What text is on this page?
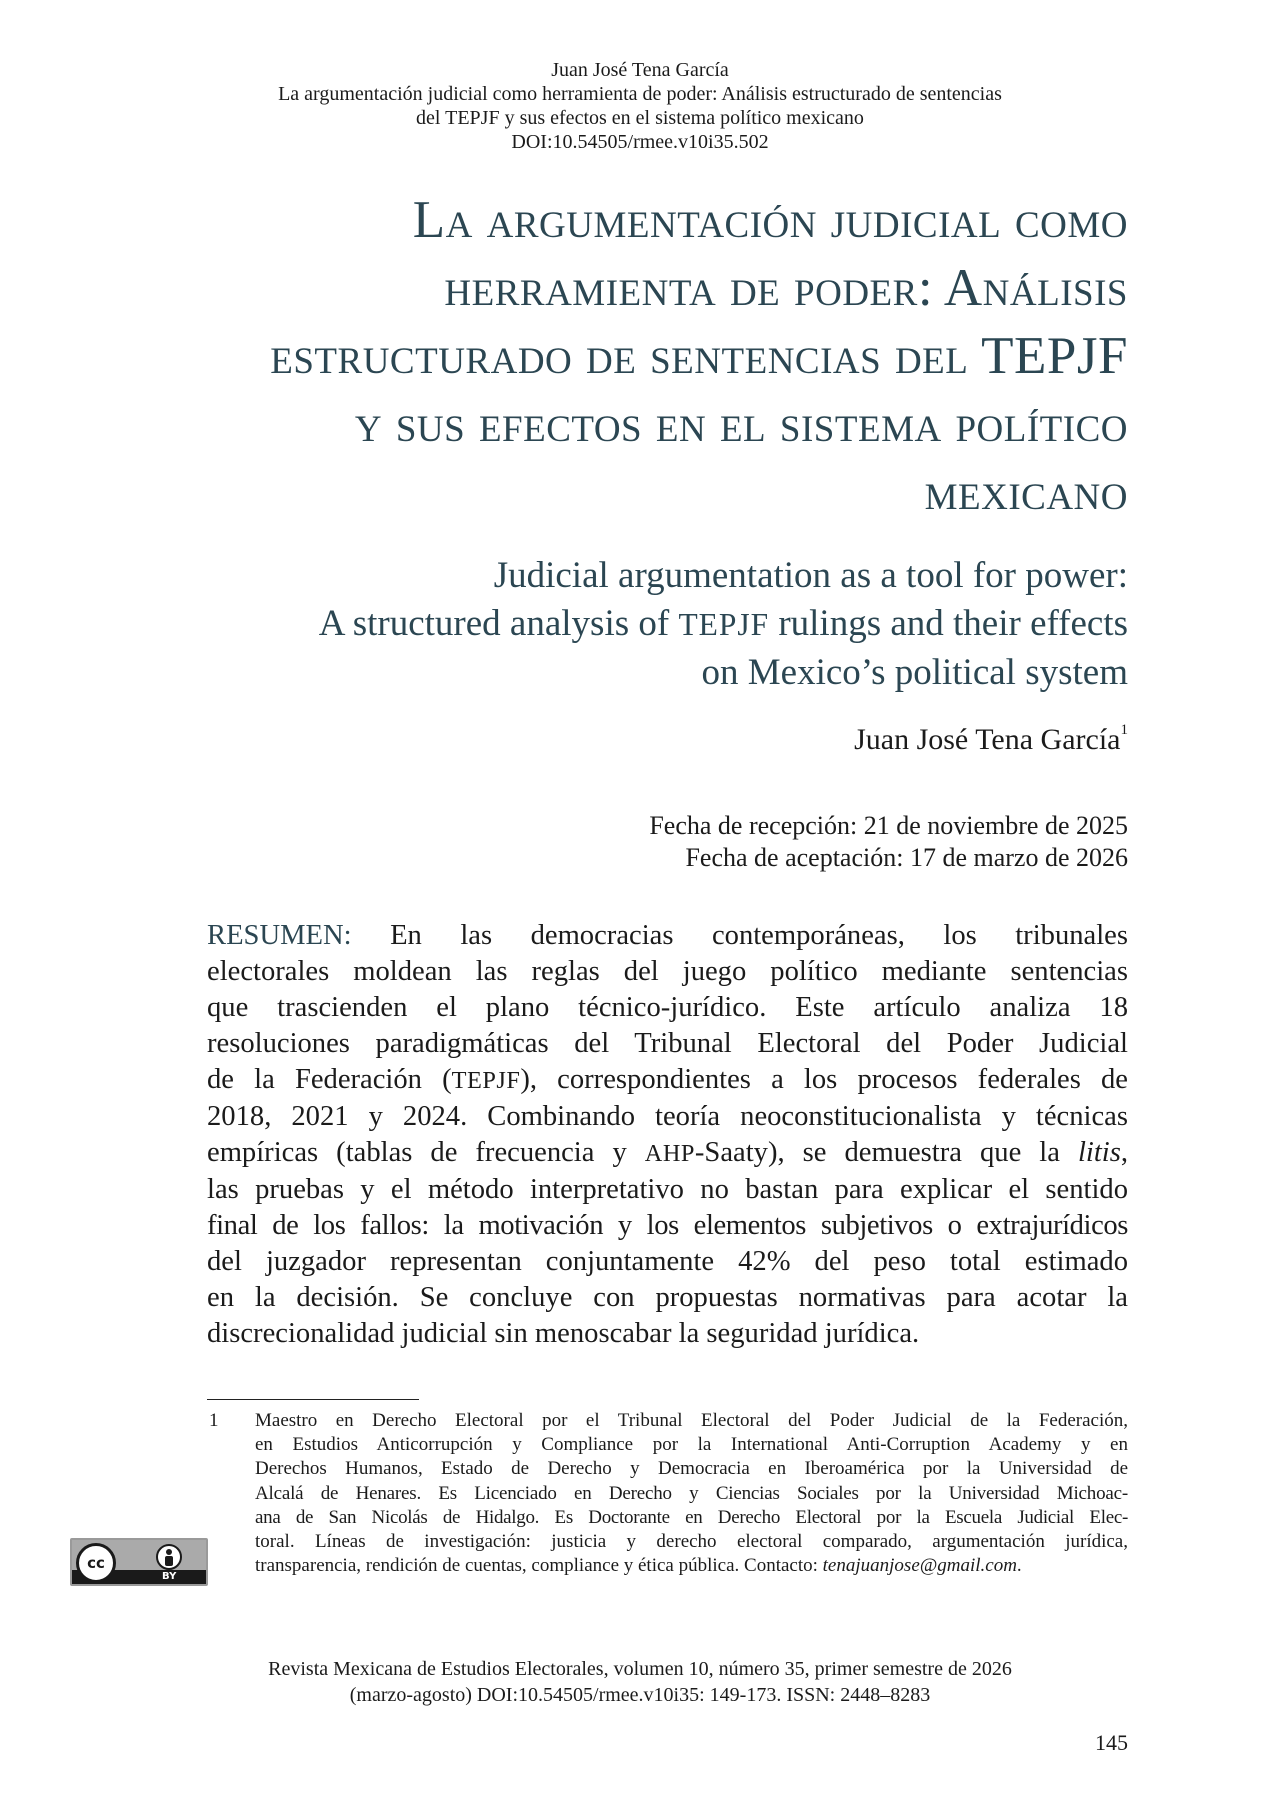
Juan José Tena García
La argumentación judicial como herramienta de poder: Análisis estructurado de sentencias
del TEPJF y sus efectos en el sistema político mexicano
DOI:10.54505/rmee.v10i35.502
La argumentación judicial como
herramienta de poder: Análisis
estructurado de sentencias del TEPJF
y sus efectos en el sistema político
mexicano
Judicial argumentation as a tool for power:
A structured analysis of TEPJF rulings and their effects
on Mexico’s political system
Juan José Tena García$^1$
Fecha de recepción: 21 de noviembre de 2025
Fecha de aceptación: 17 de marzo de 2026
RESUMEN: En las democracias contemporáneas, los tribunales
electorales moldean las reglas del juego político mediante sentencias
que trascienden el plano técnico-jurídico. Este artículo analiza 18
resoluciones paradigmáticas del Tribunal Electoral del Poder Judicial
de la Federación (TEPJF), correspondientes a los procesos federales de
2018, 2021 y 2024. Combinando teoría neoconstitucionalista y técnicas
empíricas (tablas de frecuencia y AHP-Saaty), se demuestra que la litis,
las pruebas y el método interpretativo no bastan para explicar el sentido
final de los fallos: la motivación y los elementos subjetivos o extrajurídicos
del juzgador representan conjuntamente 42% del peso total estimado
en la decisión. Se concluye con propuestas normativas para acotar la
discrecionalidad judicial sin menoscabar la seguridad jurídica.
1 Maestro en Derecho Electoral por el Tribunal Electoral del Poder Judicial de la Federación,
en Estudios Anticorrupción y Compliance por la International Anti-Corruption Academy y en
Derechos Humanos, Estado de Derecho y Democracia en Iberoamérica por la Universidad de
Alcalá de Henares. Es Licenciado en Derecho y Ciencias Sociales por la Universidad Michoac-
ana de San Nicolás de Hidalgo. Es Doctorante en Derecho Electoral por la Escuela Judicial Elec-
toral. Líneas de investigación: justicia y derecho electoral comparado, argumentación jurídica,
transparencia, rendición de cuentas, compliance y ética pública. Contacto: tenajuanjose@gmail.com.
cc
BY
Revista Mexicana de Estudios Electorales, volumen 10, número 35, primer semestre de 2026
(marzo-agosto) DOI:10.54505/rmee.v10i35: 149-173. ISSN: 2448–8283
145
